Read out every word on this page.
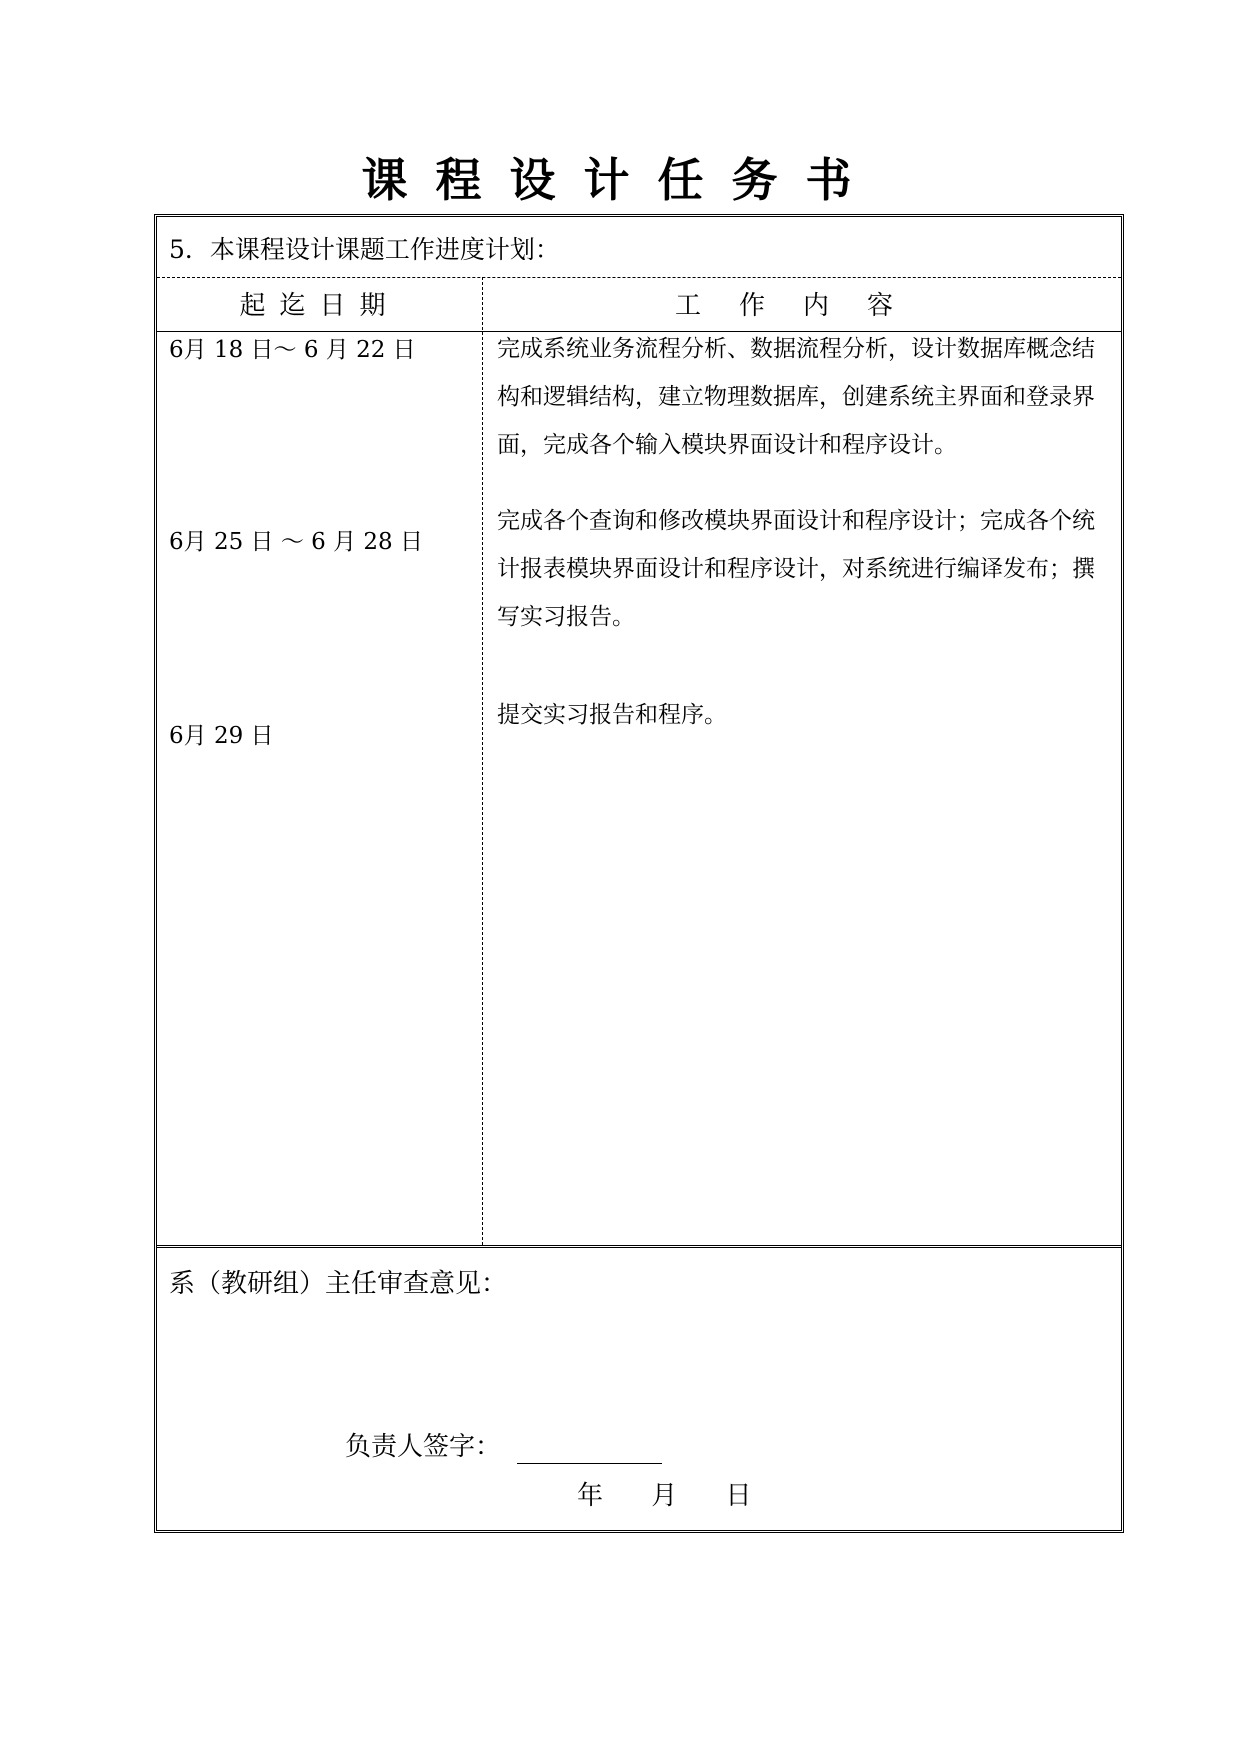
课程设计任务书
5．本课程设计课题工作进度计划：
起迄日期	工作内容
6月 18 日～ 6 月 22 日	完成系统业务流程分析、数据流程分析，设计数据库概念结构和逻辑结构，建立物理数据库，创建系统主界面和登录界面，完成各个输入模块界面设计和程序设计。
6月 25 日 ～ 6 月 28 日
完成各个查询和修改模块界面设计和程序设计；完成各个统计报表模块界面设计和程序设计，对系统进行编译发布；撰写实习报告。
6月 29 日
提交实习报告和程序。
系（教研组）主任审查意见：
负责人签字：
年 月 日
